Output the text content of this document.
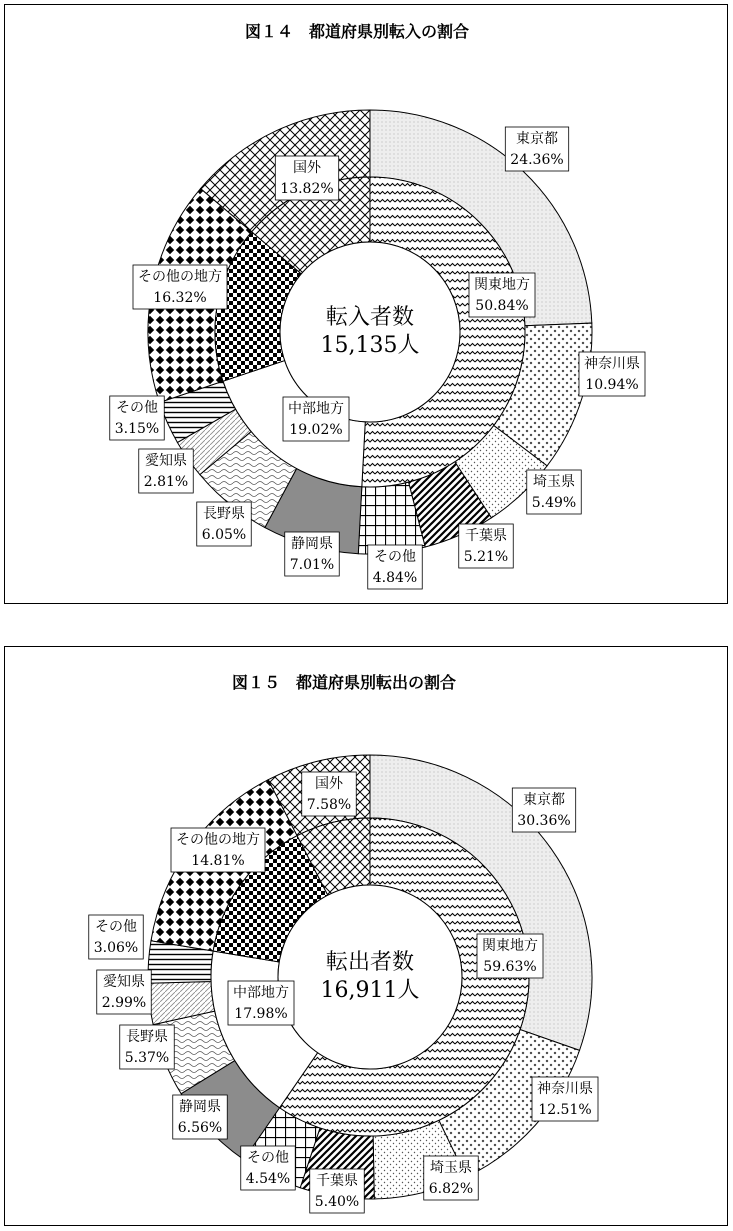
図１４　都道府県別転入の割合
転入者数
15,135人
関東地方
50.84%
中部地方
19.02%
その他の地方
16.32%
国外
13.82%
東京都
24.36%
神奈川県
10.94%
埼玉県
5.49%
千葉県
5.21%
その他
4.84%
静岡県
7.01%
長野県
6.05%
愛知県
2.81%
その他
3.15%
図１５　都道府県別転出の割合
転出者数
16,911人
関東地方
59.63%
中部地方
17.98%
その他の地方
14.81%
国外
7.58%	東京都
30.36%
神奈川県
12.51%
埼玉県
6.82%
千葉県
5.40%
その他
4.54%
静岡県
6.56%
長野県
5.37%
愛知県
2.99%
その他
3.06%
